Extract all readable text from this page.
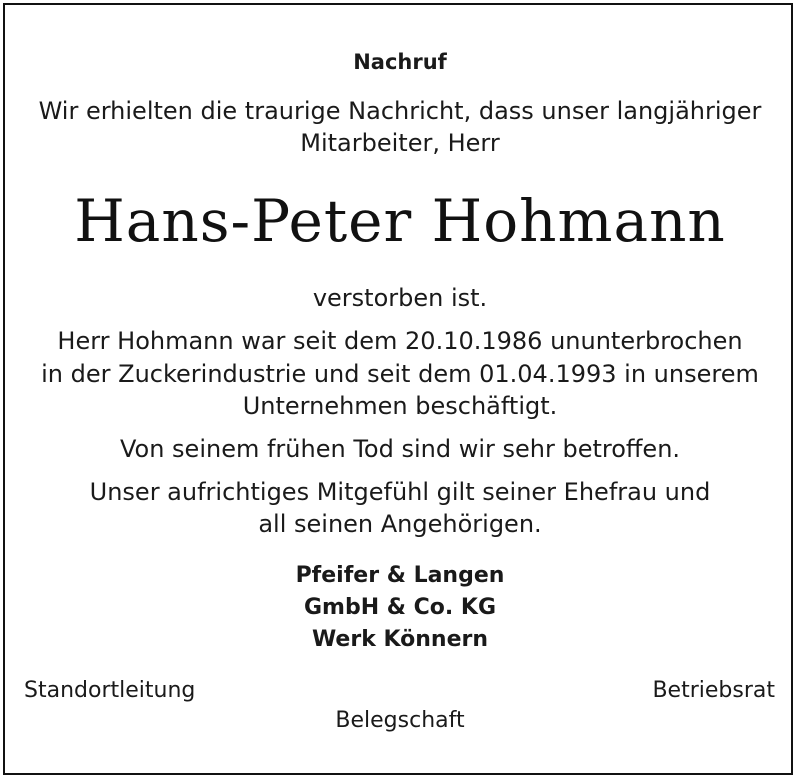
Nachruf
Wir erhielten die traurige Nachricht, dass unser langjähriger
Mitarbeiter, Herr
Hans-Peter Hohmann
verstorben ist.
Herr Hohmann war seit dem 20.10.1986 ununterbrochen
in der Zuckerindustrie und seit dem 01.04.1993 in unserem
Unternehmen beschäftigt.
Von seinem frühen Tod sind wir sehr betroffen.
Unser aufrichtiges Mitgefühl gilt seiner Ehefrau und
all seinen Angehörigen.
Pfeifer & Langen
GmbH & Co. KG
Werk Könnern
Standortleitung	Betriebsrat
Belegschaft
